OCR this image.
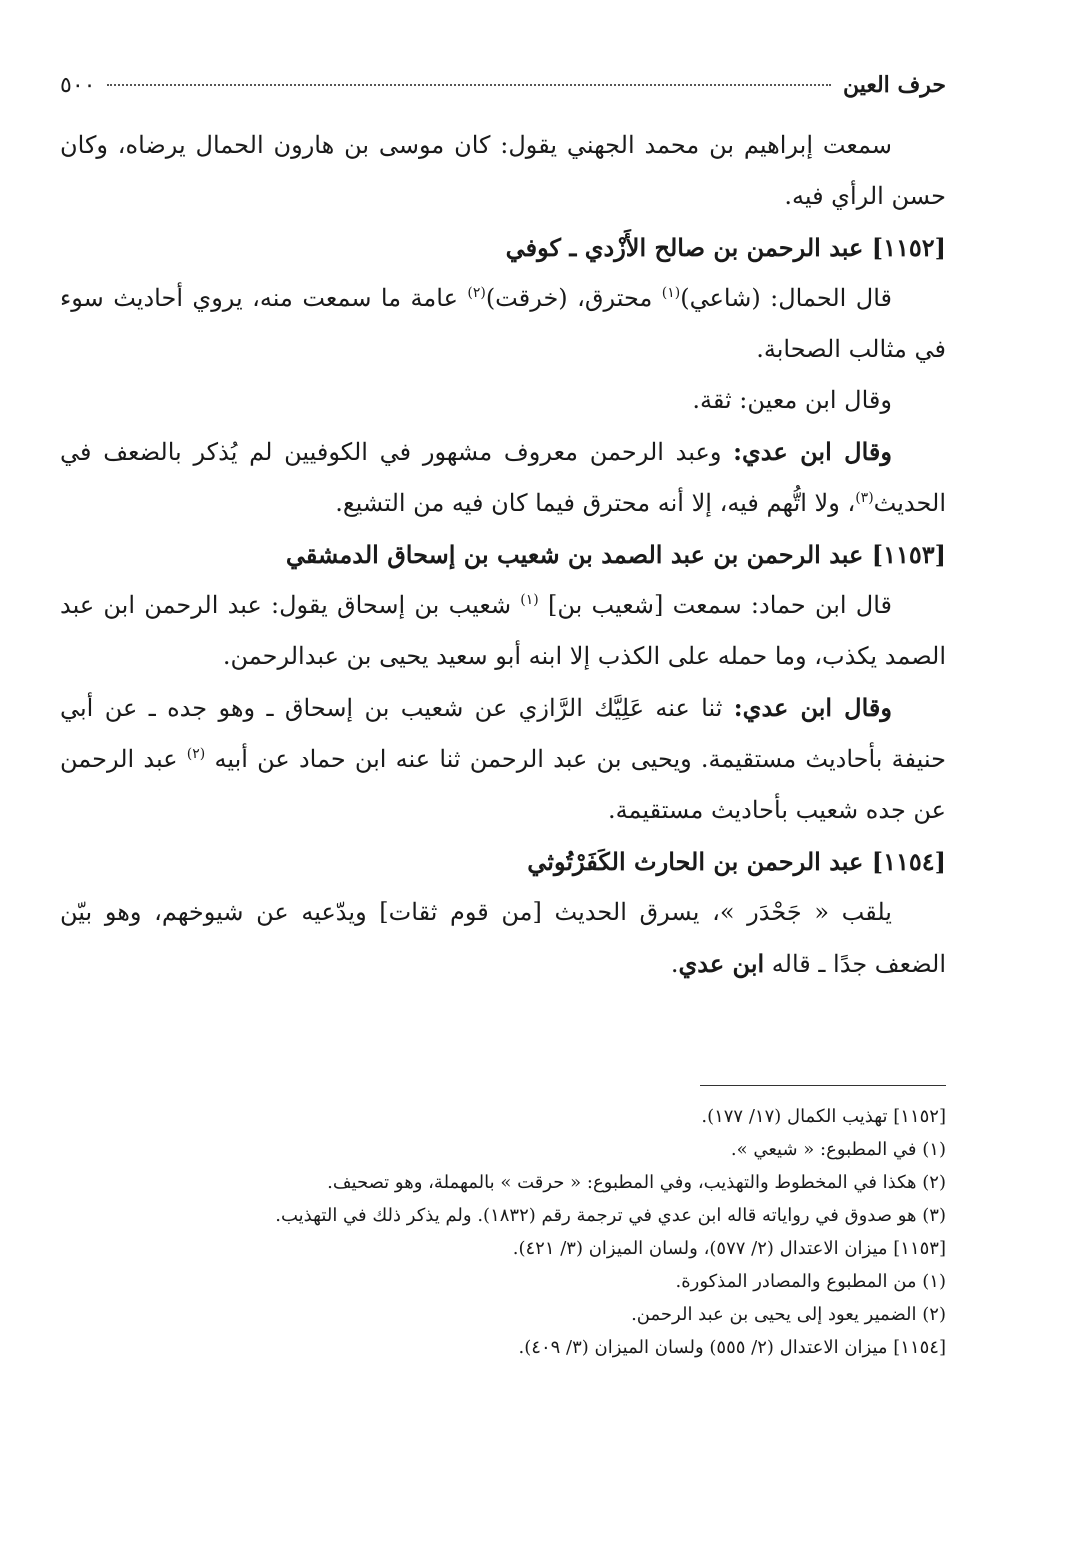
حرف العين
٥٠٠

سمعت إبراهيم بن محمد الجهني يقول: كان موسى بن هارون الحمال يرضاه، وكان حسن الرأي فيه.

[١١٥٢] عبد الرحمن بن صالح الأَزْدي ـ كوفي

قال الحمال: (شاعي)$^{(١)}$ محترق، (خرقت)$^{(٢)}$ عامة ما سمعت منه، يروي أحاديث سوء في مثالب الصحابة.

وقال ابن معين: ثقة.

وقال ابن عدي: وعبد الرحمن معروف مشهور في الكوفيين لم يُذكر بالضعف في الحديث$^{(٣)}$، ولا اتُّهم فيه، إلا أنه محترق فيما كان فيه من التشيع.

[١١٥٣] عبد الرحمن بن عبد الصمد بن شعيب بن إسحاق الدمشقي

قال ابن حماد: سمعت [شعيب بن] $^{(١)}$ شعيب بن إسحاق يقول: عبد الرحمن ابن عبد الصمد يكذب، وما حمله على الكذب إلا ابنه أبو سعيد يحيى بن عبدالرحمن.

وقال ابن عدي: ثنا عنه عَلِيَّك الرَّازي عن شعيب بن إسحاق ـ وهو جده ـ عن أبي حنيفة بأحاديث مستقيمة. ويحيى بن عبد الرحمن ثنا عنه ابن حماد عن أبيه $^{(٢)}$ عبد الرحمن عن جده شعيب بأحاديث مستقيمة.

[١١٥٤] عبد الرحمن بن الحارث الكَفَرْتُوثي

يلقب « جَحْدَر »، يسرق الحديث [من قوم ثقات] ويدّعيه عن شيوخهم، وهو بيّن الضعف جدًا ـ قاله ابن عدي.

[١١٥٢] تهذيب الكمال (١٧/ ١٧٧).

(١) في المطبوع: « شيعي ».

(٢) هكذا في المخطوط والتهذيب، وفي المطبوع: « حرقت » بالمهملة، وهو تصحيف.

(٣) هو صدوق في رواياته قاله ابن عدي في ترجمة رقم (١٨٣٢). ولم يذكر ذلك في التهذيب.

[١١٥٣] ميزان الاعتدال (٢/ ٥٧٧)، ولسان الميزان (٣/ ٤٢١).

(١) من المطبوع والمصادر المذكورة.

(٢) الضمير يعود إلى يحيى بن عبد الرحمن.

[١١٥٤] ميزان الاعتدال (٢/ ٥٥٥) ولسان الميزان (٣/ ٤٠٩).
